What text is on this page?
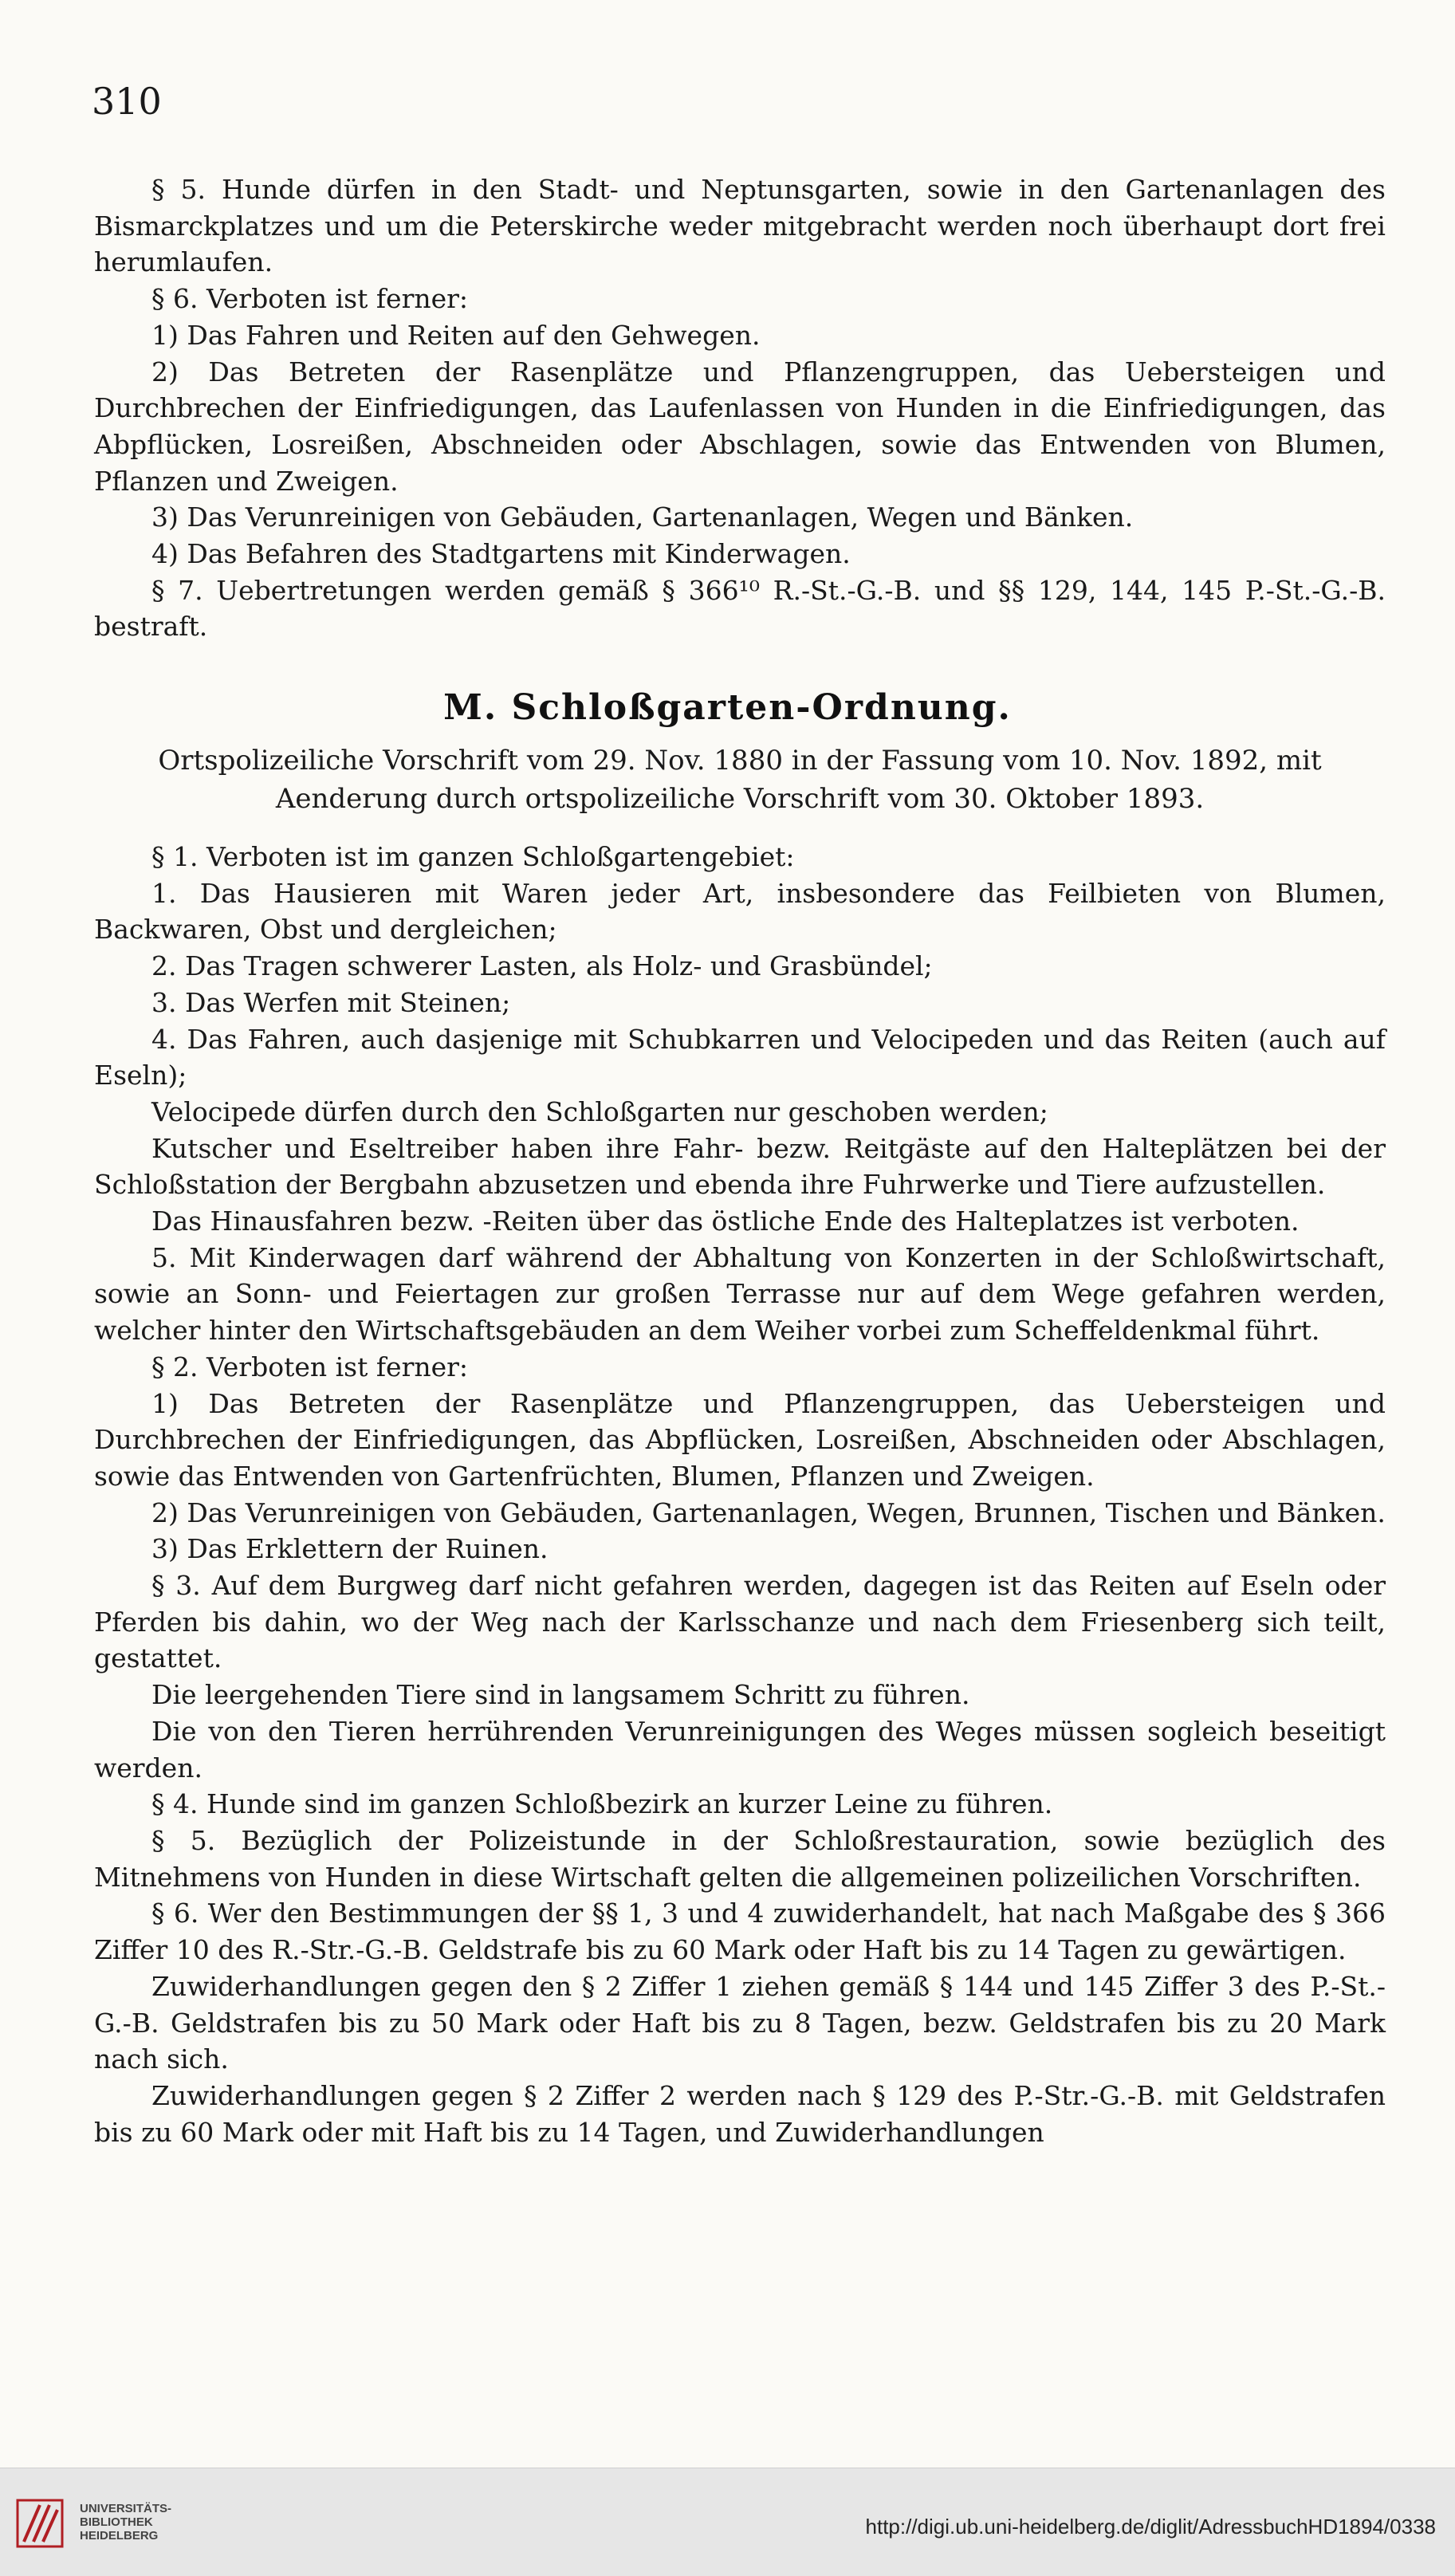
310

§ 5. Hunde dürfen in den Stadt- und Neptunsgarten, sowie in den Gartenanlagen des Bismarckplatzes und um die Peterskirche weder mitgebracht werden noch überhaupt dort frei herumlaufen.

§ 6. Verboten ist ferner:

1) Das Fahren und Reiten auf den Gehwegen.

2) Das Betreten der Rasenplätze und Pflanzengruppen, das Uebersteigen und Durchbrechen der Einfriedigungen, das Laufenlassen von Hunden in die Einfriedigungen, das Abpflücken, Losreißen, Abschneiden oder Abschlagen, sowie das Entwenden von Blumen, Pflanzen und Zweigen.

3) Das Verunreinigen von Gebäuden, Gartenanlagen, Wegen und Bänken.

4) Das Befahren des Stadtgartens mit Kinderwagen.

§ 7. Uebertretungen werden gemäß § 366¹⁰ R.-St.-G.-B. und §§ 129, 144, 145 P.-St.-G.-B. bestraft.

M. Schloßgarten-Ordnung.
Ortspolizeiliche Vorschrift vom 29. Nov. 1880 in der Fassung vom 10. Nov. 1892, mit Aenderung durch ortspolizeiliche Vorschrift vom 30. Oktober 1893.

§ 1. Verboten ist im ganzen Schloßgartengebiet:

1. Das Hausieren mit Waren jeder Art, insbesondere das Feilbieten von Blumen, Backwaren, Obst und dergleichen;

2. Das Tragen schwerer Lasten, als Holz- und Grasbündel;

3. Das Werfen mit Steinen;

4. Das Fahren, auch dasjenige mit Schubkarren und Velocipeden und das Reiten (auch auf Eseln);

Velocipede dürfen durch den Schloßgarten nur geschoben werden;

Kutscher und Eseltreiber haben ihre Fahr- bezw. Reitgäste auf den Halteplätzen bei der Schloßstation der Bergbahn abzusetzen und ebenda ihre Fuhrwerke und Tiere aufzustellen.

Das Hinausfahren bezw. -Reiten über das östliche Ende des Halteplatzes ist verboten.

5. Mit Kinderwagen darf während der Abhaltung von Konzerten in der Schloßwirtschaft, sowie an Sonn- und Feiertagen zur großen Terrasse nur auf dem Wege gefahren werden, welcher hinter den Wirtschaftsgebäuden an dem Weiher vorbei zum Scheffeldenkmal führt.

§ 2. Verboten ist ferner:

1) Das Betreten der Rasenplätze und Pflanzengruppen, das Uebersteigen und Durchbrechen der Einfriedigungen, das Abpflücken, Losreißen, Abschneiden oder Abschlagen, sowie das Entwenden von Gartenfrüchten, Blumen, Pflanzen und Zweigen.

2) Das Verunreinigen von Gebäuden, Gartenanlagen, Wegen, Brunnen, Tischen und Bänken.

3) Das Erklettern der Ruinen.

§ 3. Auf dem Burgweg darf nicht gefahren werden, dagegen ist das Reiten auf Eseln oder Pferden bis dahin, wo der Weg nach der Karlsschanze und nach dem Friesenberg sich teilt, gestattet.

Die leergehenden Tiere sind in langsamem Schritt zu führen.

Die von den Tieren herrührenden Verunreinigungen des Weges müssen sogleich beseitigt werden.

§ 4. Hunde sind im ganzen Schloßbezirk an kurzer Leine zu führen.

§ 5. Bezüglich der Polizeistunde in der Schloßrestauration, sowie bezüglich des Mitnehmens von Hunden in diese Wirtschaft gelten die allgemeinen polizeilichen Vorschriften.

§ 6. Wer den Bestimmungen der §§ 1, 3 und 4 zuwiderhandelt, hat nach Maßgabe des § 366 Ziffer 10 des R.-Str.-G.-B. Geldstrafe bis zu 60 Mark oder Haft bis zu 14 Tagen zu gewärtigen.

Zuwiderhandlungen gegen den § 2 Ziffer 1 ziehen gemäß § 144 und 145 Ziffer 3 des P.-St.-G.-B. Geldstrafen bis zu 50 Mark oder Haft bis zu 8 Tagen, bezw. Geldstrafen bis zu 20 Mark nach sich.

Zuwiderhandlungen gegen § 2 Ziffer 2 werden nach § 129 des P.-Str.-G.-B. mit Geldstrafen bis zu 60 Mark oder mit Haft bis zu 14 Tagen, und Zuwiderhandlungen

UNIVERSITÄTS-
BIBLIOTHEK
HEIDELBERG	http://digi.ub.uni-heidelberg.de/diglit/AdressbuchHD1894/0338
